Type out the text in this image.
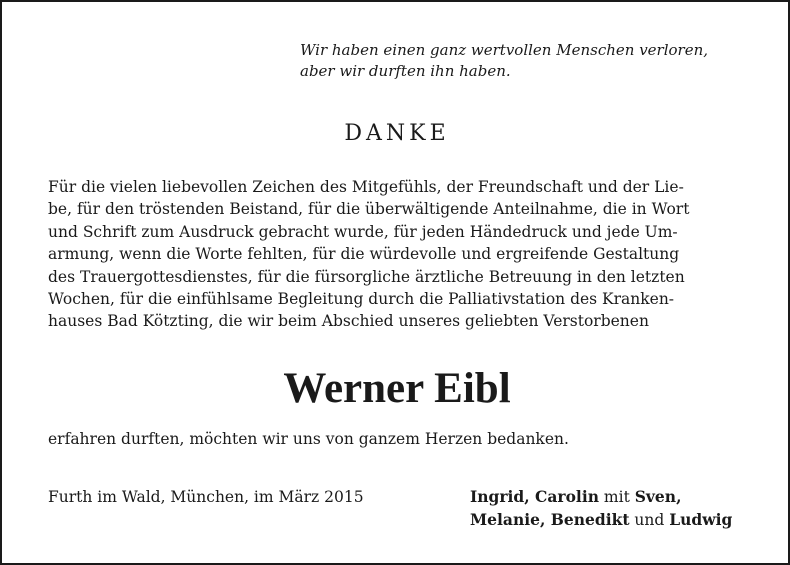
Wir haben einen ganz wertvollen Menschen verloren,
aber wir durften ihn haben.
DANKE
Für die vielen liebevollen Zeichen des Mitgefühls, der Freundschaft und der Lie-
be, für den tröstenden Beistand, für die überwältigende Anteilnahme, die in Wort
und Schrift zum Ausdruck gebracht wurde, für jeden Händedruck und jede Um-
armung, wenn die Worte fehlten, für die würdevolle und ergreifende Gestaltung
des Trauergottesdienstes, für die fürsorgliche ärztliche Betreuung in den letzten
Wochen, für die einfühlsame Begleitung durch die Palliativstation des Kranken-
hauses Bad Kötzting, die wir beim Abschied unseres geliebten Verstorbenen
Werner Eibl
erfahren durften, möchten wir uns von ganzem Herzen bedanken.
Furth im Wald, München, im März 2015	Ingrid, Carolin mit Sven,
Melanie, Benedikt und Ludwig
